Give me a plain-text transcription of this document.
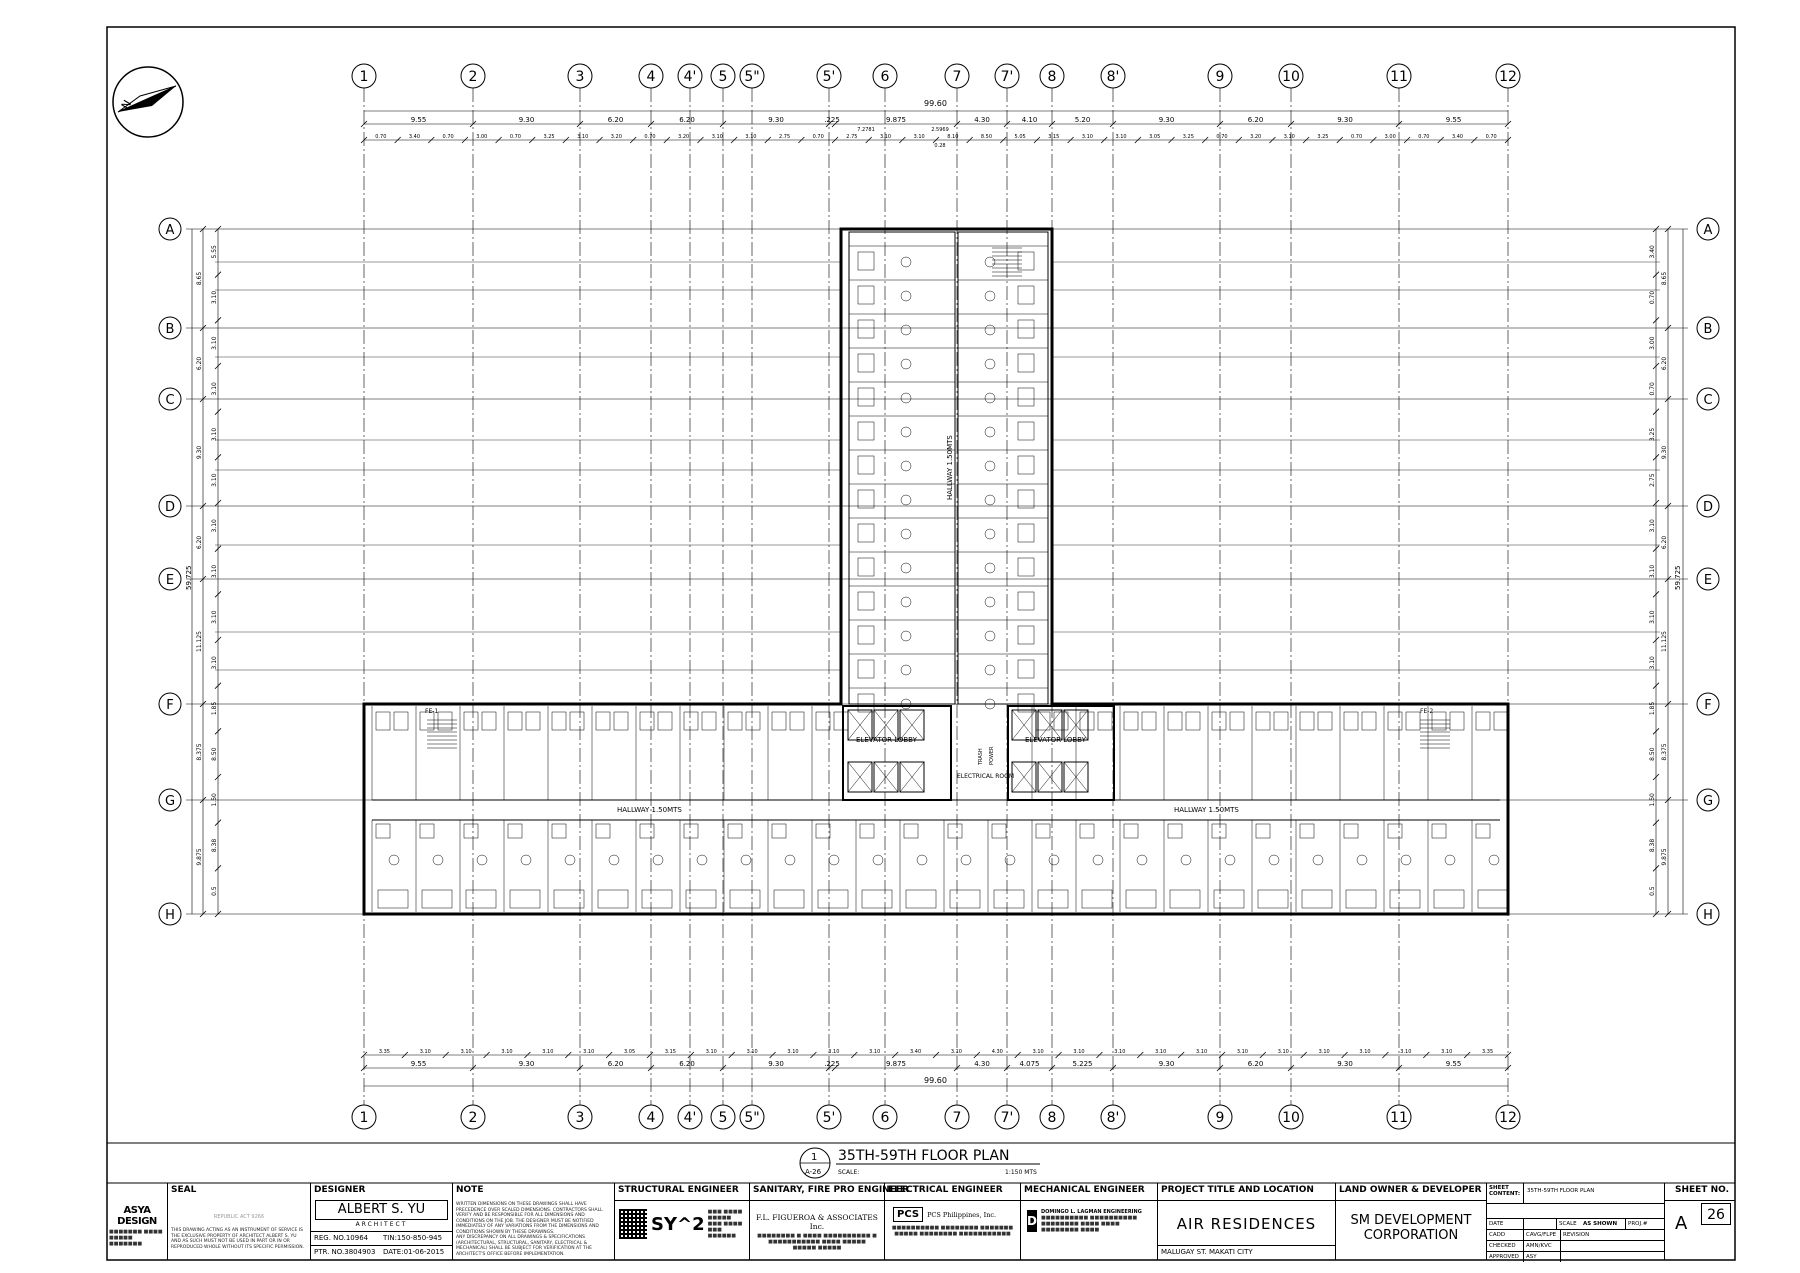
N
9.55	9.30	6.20	6.20	9.30	.225	9.875	4.30	4.10	5.20	9.30	6.20	9.30	9.55
0.70	3.40	0.70	3.00	0.70	3.25	3.10	3.20	0.70	3.20	3.10	3.10	2.75	0.70	2.75	3.10	3.10	8.10	8.50	5.05	3.15	3.10	3.10	3.05	3.25	0.70	3.20	3.10	3.25	0.70	3.00	0.70	3.40	0.70
9.55	9.30	6.20	6.20	9.30	.225	9.875	4.30	4.075	5.225	9.30	6.20	9.30	9.55
3.35	3.10	3.10	3.10	3.10	3.10	3.05	3.15	3.10	3.10	3.10	3.10	3.10	3.40	3.10	4.30	3.10	3.10	3.10	3.10	3.10	3.10	3.10	3.10	3.10	3.10	3.10	3.35
7.2781	2.5969
0.28
8.65
6.20
9.30
6.20
11.125
8.375
9.875
8.65
6.20
9.30
6.20
11.125
8.375
9.875
5.55
3.10
3.10
3.10
3.10
3.10
3.10
3.10
3.10
3.10
1.85
8.50
1.50
8.38
0.5
3.40
0.70
3.00
0.70
3.25
2.75
3.10
3.10
3.10
3.10
1.85
8.50
1.50
8.38
0.5
1
1
2
2
3
3
4
4
4'
4'
5
5
5"
5"
5'
5'
6
6
7
7
7'
7'
8
8
8'
8'
9
9
10
10
11
11
12
12
A	A
B	B
C	C
D	D
E	E
F	F
G	G
H	H
HALLWAY 1.50MTS
HALLWAY 1.50MTS	HALLWAY 1.50MTS
ELEVATOR LOBBY	ELEVATOR LOBBY
ELECTRICAL ROOM
FE-1	FE-2
POWER
TRASH
99.60
99.60
59.725	59.725
1
A-26
35TH-59TH FLOOR PLAN
SCALE:	1:150 MTS
ASYA DESIGN
■■■■■■■ ■■■■ ■■■■■ ■■■■■■■
SEAL
REPUBLIC ACT 9266
THIS DRAWING ACTING AS AN INSTRUMENT OF SERVICE IS THE EXCLUSIVE PROPERTY OF ARCHITECT ALBERT S. YU AND AS SUCH MUST NOT BE USED IN PART OR IN OR REPRODUCED WHOLE WITHOUT ITS SPECIFIC PERMISSION.
DESIGNER
ALBERT S. YU
ARCHITECT
REG. NO.10964 TIN:150-850-945
PTR. NO.3804903 DATE:01-06-2015
NOTE
WRITTEN DIMENSIONS ON THESE DRAWINGS SHALL HAVE PRECEDENCE OVER SCALED DIMENSIONS. CONTRACTORS SHALL VERIFY AND BE RESPONSIBLE FOR ALL DIMENSIONS AND CONDITIONS ON THE JOB. THE DESIGNER MUST BE NOTIFIED IMMEDIATELY OF ANY VARIATIONS FROM THE DIMENSIONS AND CONDITIONS SHOWN BY THESE DRAWINGS.
ANY DISCREPANCY ON ALL DRAWINGS & SPECIFICATIONS (ARCHITECTURAL, STRUCTURAL, SANITARY, ELECTRICAL & MECHANICAL) SHALL BE SUBJECT FOR VERIFICATION AT THE ARCHITECT'S OFFICE BEFORE IMPLEMENTATION.
STRUCTURAL ENGINEER
SY^2
■■■ ■■■■ ■■■■■ ■■■ ■■■■ ■■■ ■■■■■■
SANITARY, FIRE PRO ENGINEER
F.L. FIGUEROA & ASSOCIATES Inc.
■■■■■■■■ ■ ■■■■ ■■■■■■■■■■ ■ ■■■■■■■■■■■ ■■■■ ■■■■■ ■■■■■ ■■■■■
ELECTRICAL ENGINEER
PCS	PCS Philippines, Inc.
■■■■■■■■■■ ■■■■■■■■ ■■■■■■■ ■■■■■ ■■■■■■■■ ■■■■■■■■■■■
MECHANICAL ENGINEER
D
DOMINGO L. LAGMAN ENGINEERING
■■■■■■■■■■ ■■■■■■■■■■ ■■■■■■■■ ■■■■ ■■■■ ■■■■■■■■ ■■■■
PROJECT TITLE AND LOCATION
AIR RESIDENCES
MALUGAY ST. MAKATI CITY
LAND OWNER & DEVELOPER
SM DEVELOPMENT
CORPORATION
SHEET CONTENT:	35TH-59TH FLOOR PLAN
DATE	SCALE	AS SHOWN	PROJ.#
CADD	CAVG/FLPE	REVISION
CHECKED	AMN/KVC
APPROVED	ASY
SHEET NO.
A	26
